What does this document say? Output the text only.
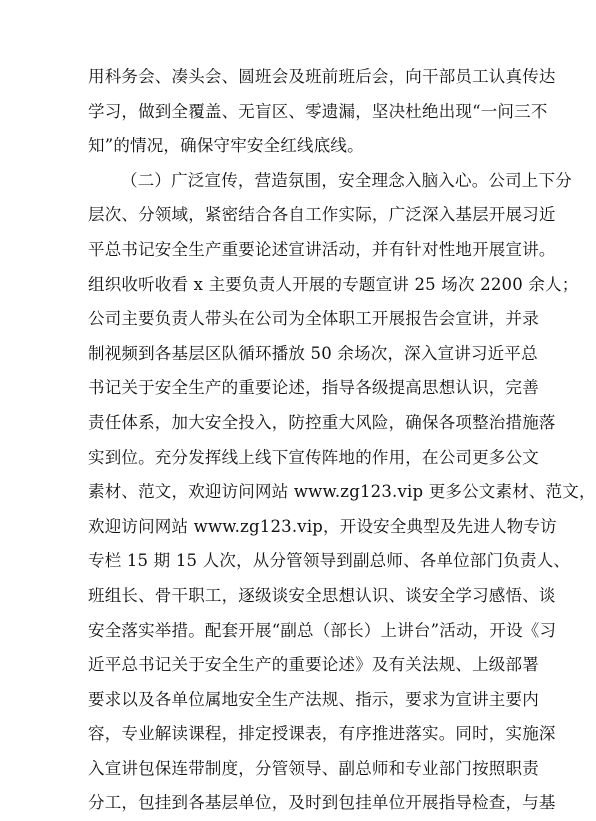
用科务会、凑头会、圆班会及班前班后会，向干部员工认真传达
学习，做到全覆盖、无盲区、零遗漏，坚决杜绝出现“一问三不
知”的情况，确保守牢安全红线底线。
（二）广泛宣传，营造氛围，安全理念入脑入心。公司上下分
层次、分领域，紧密结合各自工作实际，广泛深入基层开展习近
平总书记安全生产重要论述宣讲活动，并有针对性地开展宣讲。
组织收听收看 x 主要负责人开展的专题宣讲 25 场次 2200 余人；
公司主要负责人带头在公司为全体职工开展报告会宣讲，并录
制视频到各基层区队循环播放 50 余场次，深入宣讲习近平总
书记关于安全生产的重要论述，指导各级提高思想认识，完善
责任体系，加大安全投入，防控重大风险，确保各项整治措施落
实到位。充分发挥线上线下宣传阵地的作用，在公司更多公文
素材、范文，欢迎访问网站 www.zg123.vip 更多公文素材、范文，
欢迎访问网站 www.zg123.vip，开设安全典型及先进人物专访
专栏 15 期 15 人次，从分管领导到副总师、各单位部门负责人、
班组长、骨干职工，逐级谈安全思想认识、谈安全学习感悟、谈
安全落实举措。配套开展“副总（部长）上讲台”活动，开设《习
近平总书记关于安全生产的重要论述》及有关法规、上级部署
要求以及各单位属地安全生产法规、指示，要求为宣讲主要内
容，专业解读课程，排定授课表，有序推进落实。同时，实施深
入宣讲包保连带制度，分管领导、副总师和专业部门按照职责
分工，包挂到各基层单位，及时到包挂单位开展指导检查，与基
